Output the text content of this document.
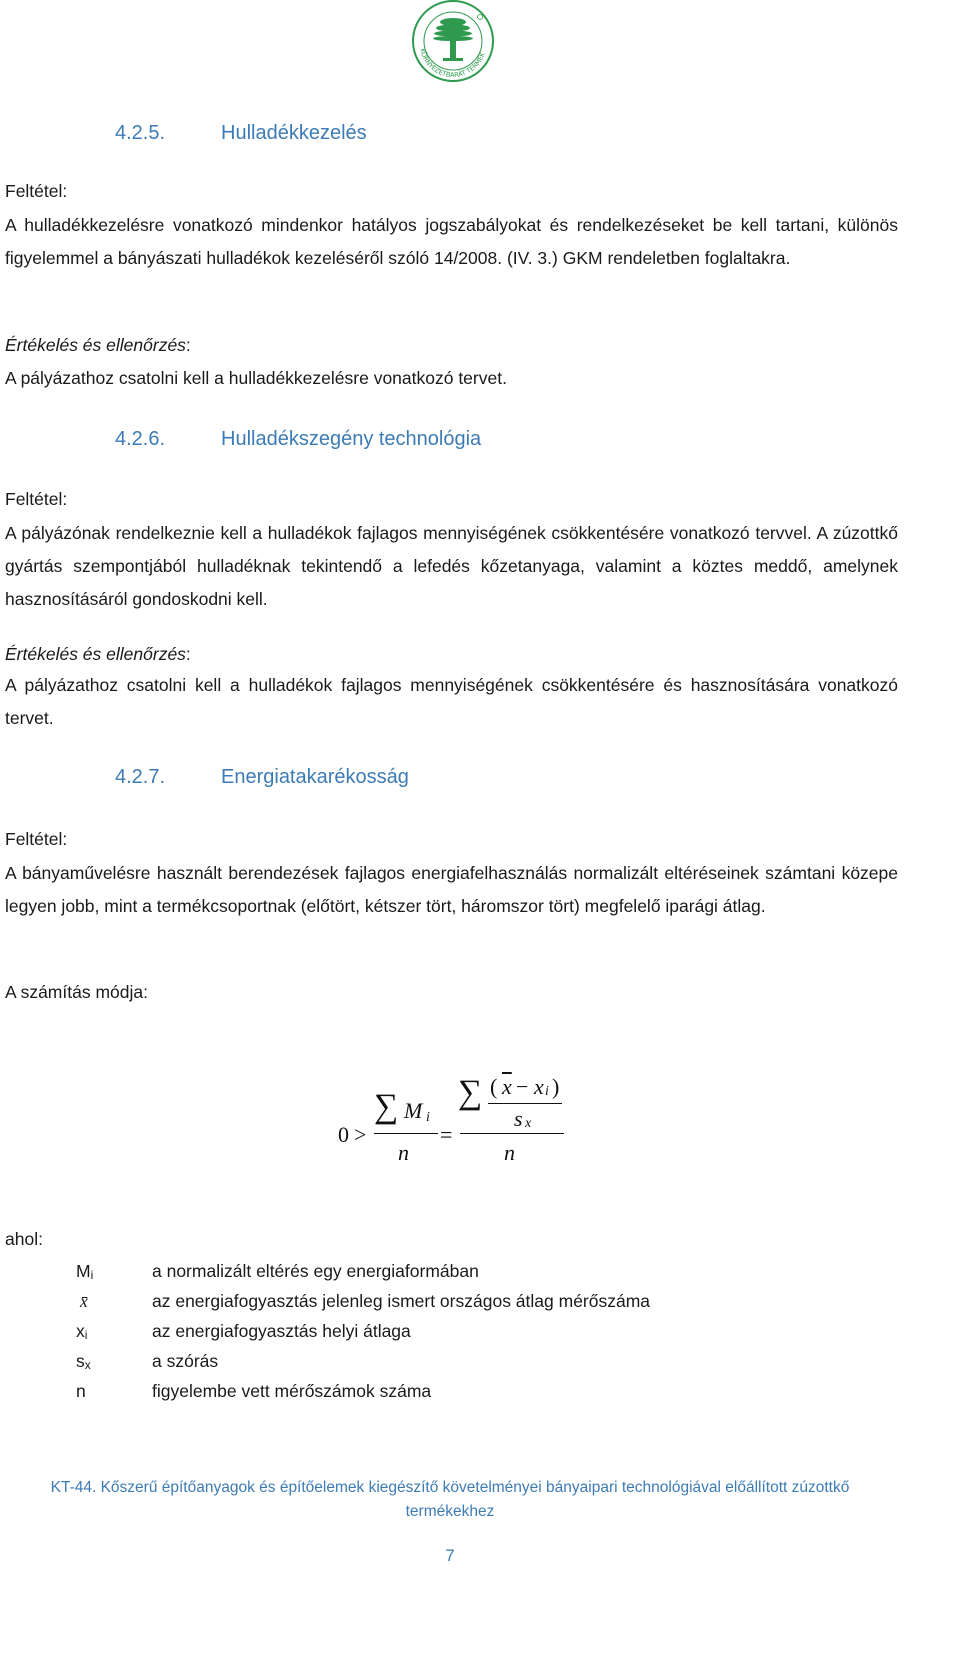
KÖRNYEZETBARÁT TERMÉK
4.2.5.	Hulladékkezelés
Feltétel:
A hulladékkezelésre vonatkozó mindenkor hatályos jogszabályokat és rendelkezéseket be kell tartani, különös figyelemmel a bányászati hulladékok kezeléséről szóló 14/2008. (IV. 3.) GKM rendeletben foglaltakra.
Értékelés és ellenőrzés:
A pályázathoz csatolni kell a hulladékkezelésre vonatkozó tervet.
4.2.6.	Hulladékszegény technológia
Feltétel:
A pályázónak rendelkeznie kell a hulladékok fajlagos mennyiségének csökkentésére vonatkozó tervvel. A zúzottkő gyártás szempontjából hulladéknak tekintendő a lefedés kőzetanyaga, valamint a köztes meddő, amelynek hasznosításáról gondoskodni kell.
Értékelés és ellenőrzés:
A pályázathoz csatolni kell a hulladékok fajlagos mennyiségének csökkentésére és hasznosítására vonatkozó tervet.
4.2.7.	Energiatakarékosság
Feltétel:
A bányaművelésre használt berendezések fajlagos energiafelhasználás normalizált eltéréseinek számtani közepe legyen jobb, mint a termékcsoportnak (előtört, kétszer tört, háromszor tört) megfelelő iparági átlag.
A számítás módja:
0 >
∑ M i
n
=
∑ ( $\overline{x} - x$ i )
s x
n
ahol:
$M_i$	a normalizált eltérés egy energiaformában
x̄	az energiafogyasztás jelenleg ismert országos átlag mérőszáma
$x_i$	az energiafogyasztás helyi átlaga
$s_x$	a szórás
n	figyelembe vett mérőszámok száma
KT-44. Kőszerű építőanyagok és építőelemek kiegészítő követelményei bányaipari technológiával előállított zúzottkő
termékekhez
7
